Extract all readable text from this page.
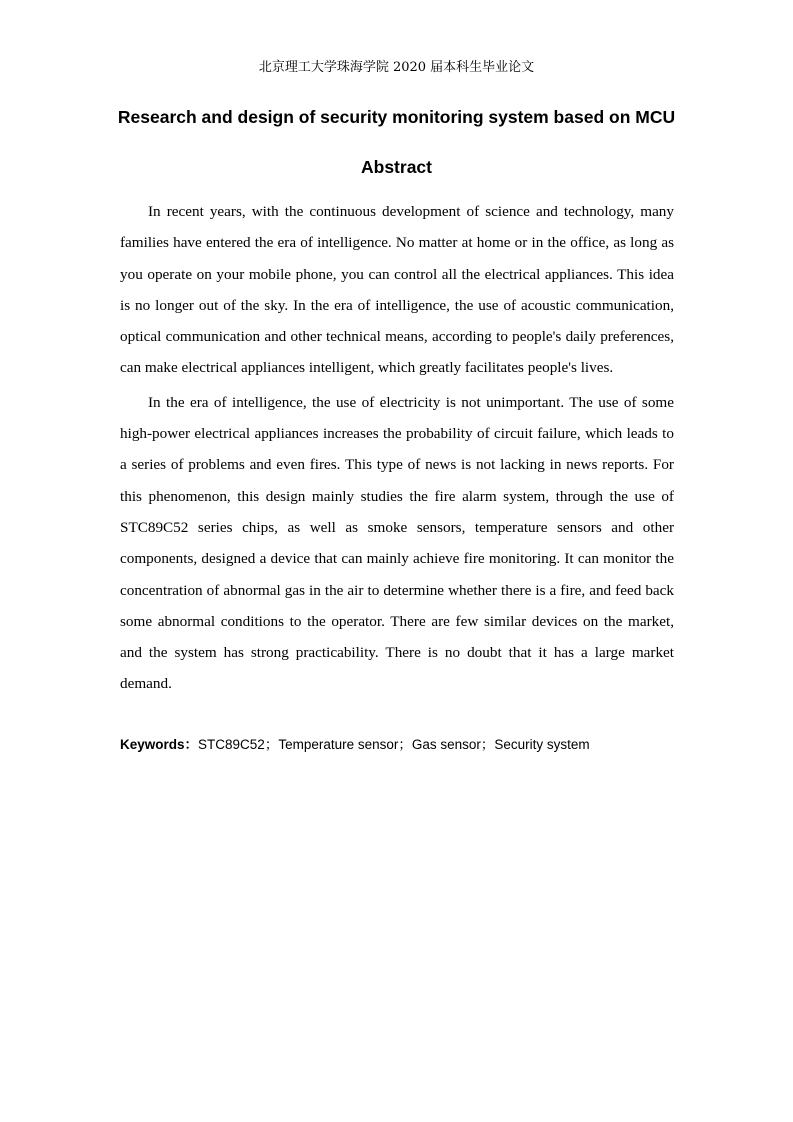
北京理工大学珠海学院 2020 届本科生毕业论文
Research and design of security monitoring system based on MCU
Abstract

In recent years, with the continuous development of science and technology, many families have entered the era of intelligence. No matter at home or in the office, as long as you operate on your mobile phone, you can control all the electrical appliances. This idea is no longer out of the sky. In the era of intelligence, the use of acoustic communication, optical communication and other technical means, according to people's daily preferences, can make electrical appliances intelligent, which greatly facilitates people's lives.

In the era of intelligence, the use of electricity is not unimportant. The use of some high-power electrical appliances increases the probability of circuit failure, which leads to a series of problems and even fires. This type of news is not lacking in news reports. For this phenomenon, this design mainly studies the fire alarm system, through the use of STC89C52 series chips, as well as smoke sensors, temperature sensors and other components, designed a device that can mainly achieve fire monitoring. It can monitor the concentration of abnormal gas in the air to determine whether there is a fire, and feed back some abnormal conditions to the operator. There are few similar devices on the market, and the system has strong practicability. There is no doubt that it has a large market demand.

Keywords：STC89C52；Temperature sensor；Gas sensor；Security system
